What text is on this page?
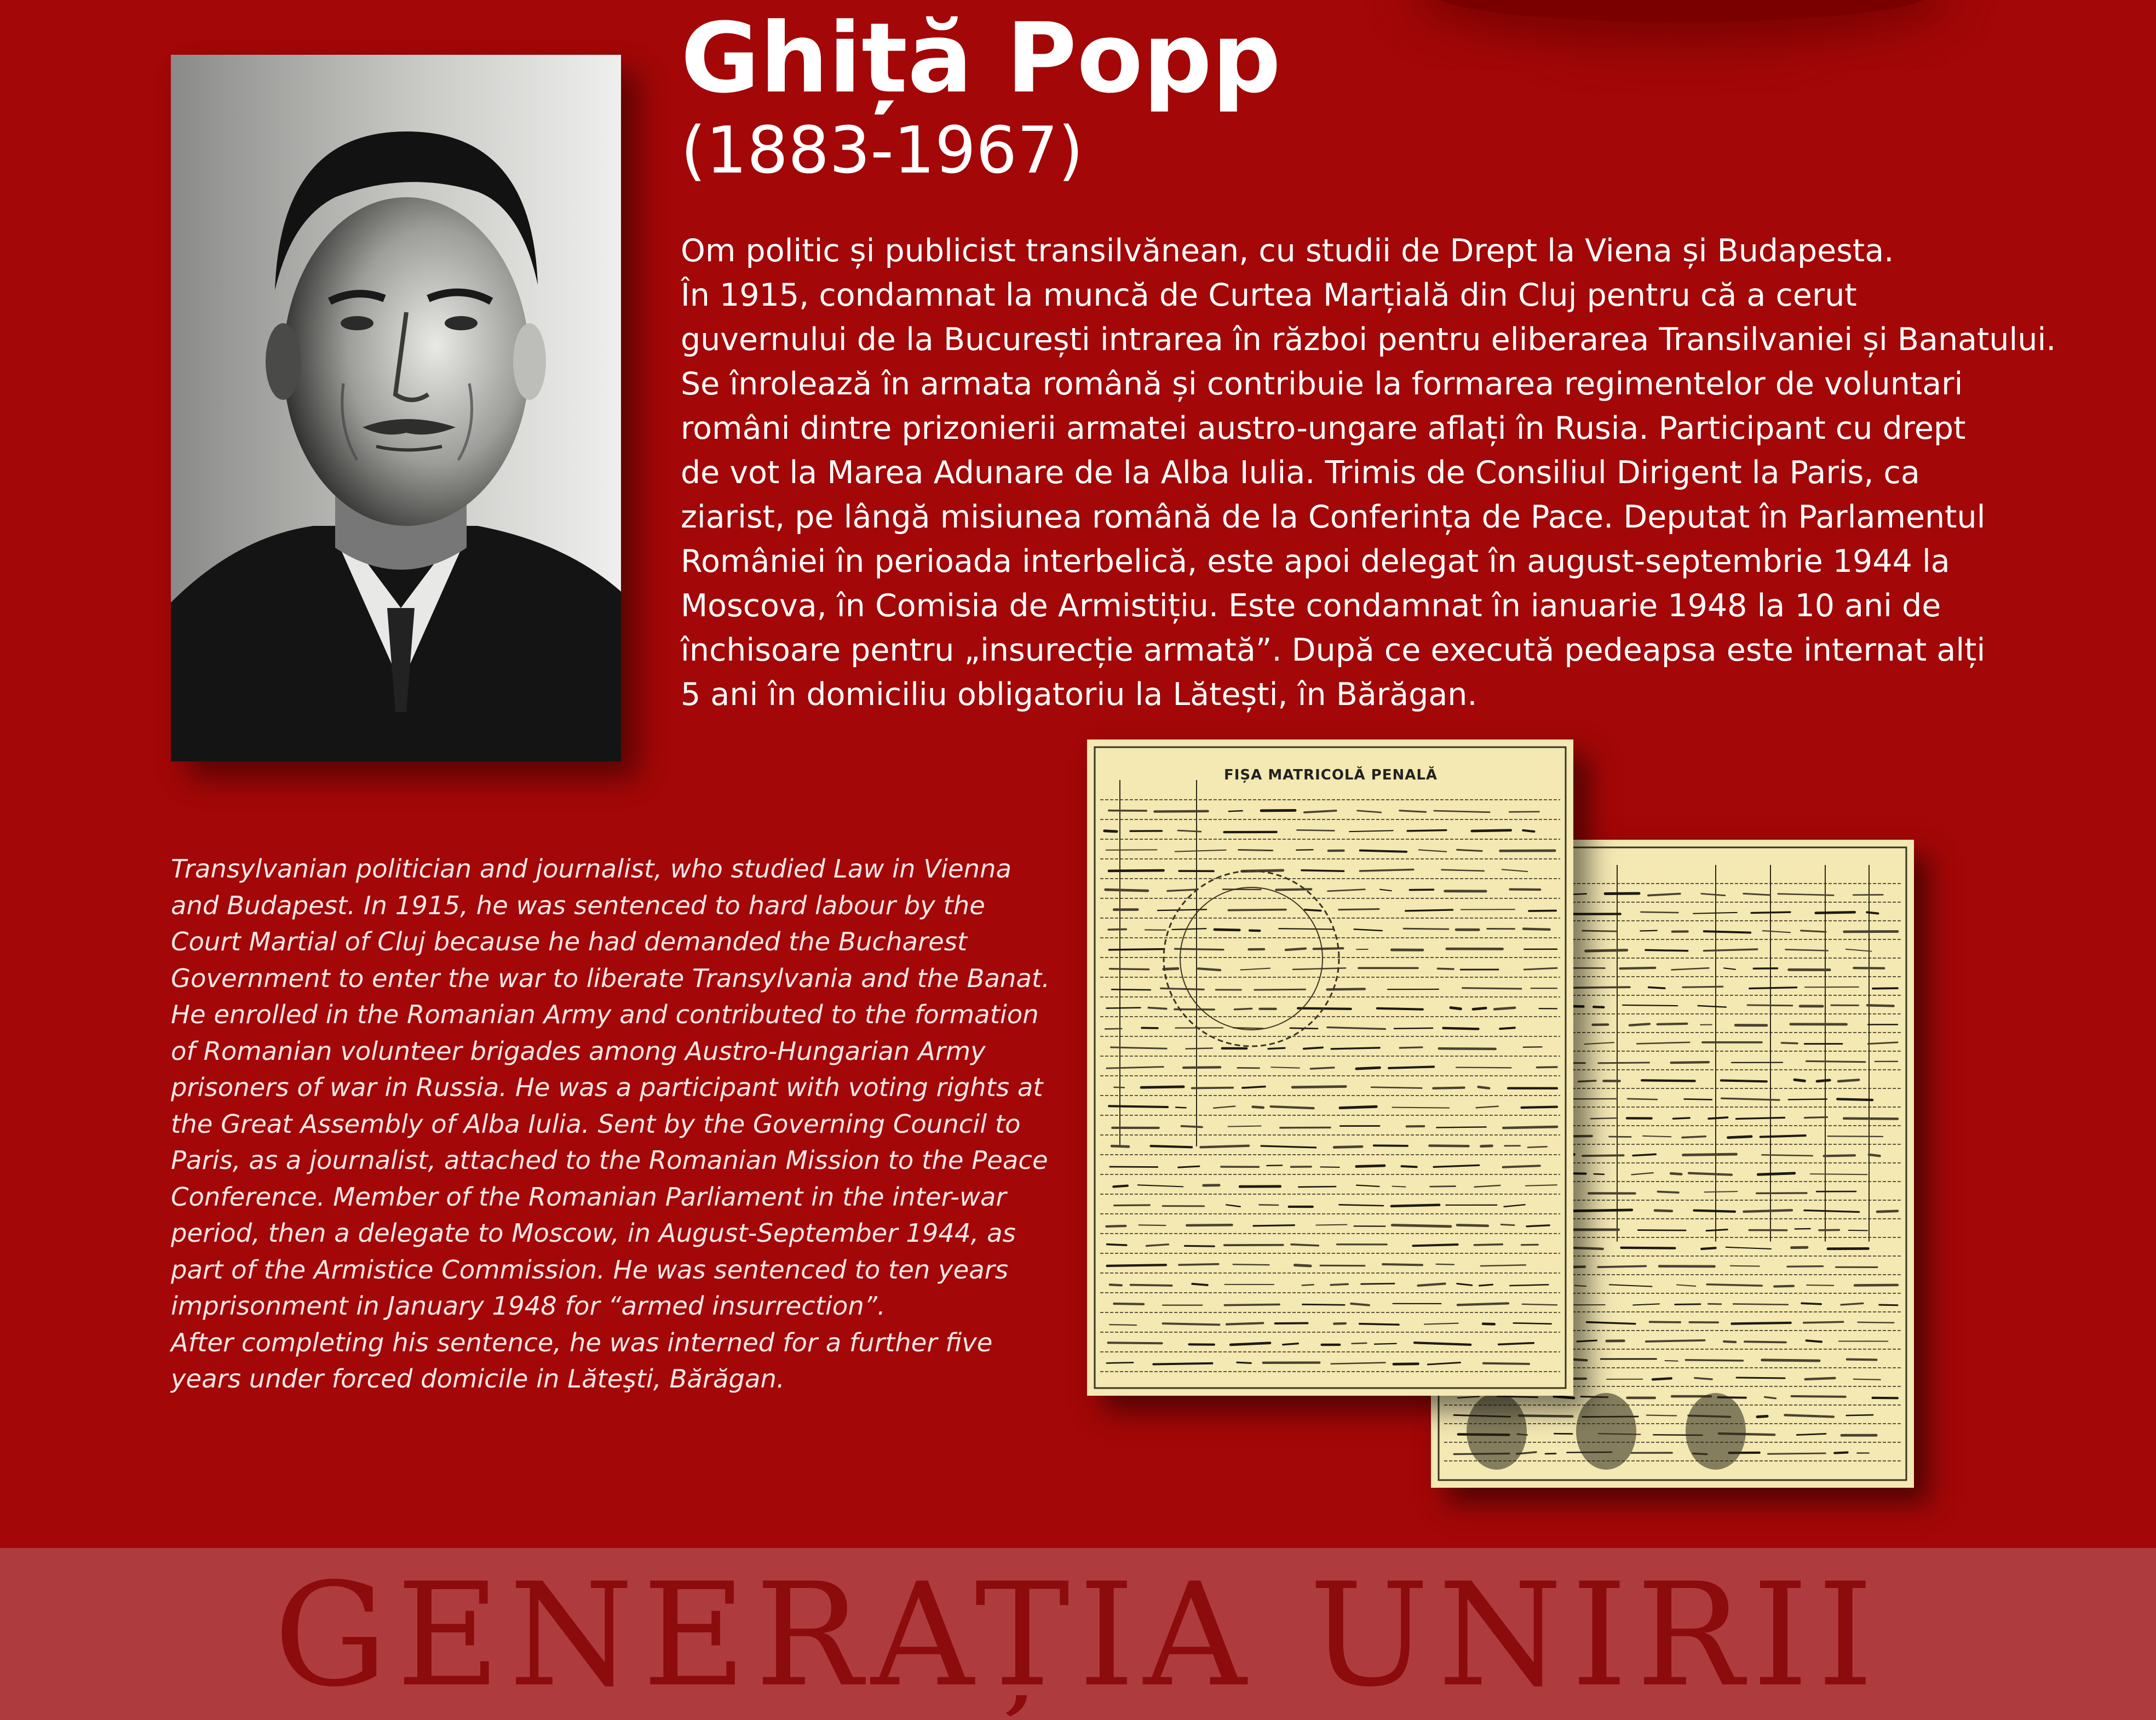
Ghiță Popp
(1883-1967)
Om politic și publicist transilvănean, cu studii de Drept la Viena și Budapesta.
În 1915, condamnat la muncă de Curtea Marțială din Cluj pentru că a cerut
guvernului de la București intrarea în război pentru eliberarea Transilvaniei și Banatului.
Se înrolează în armata română și contribuie la formarea regimentelor de voluntari
români dintre prizonierii armatei austro-ungare aflați în Rusia. Participant cu drept
de vot la Marea Adunare de la Alba Iulia. Trimis de Consiliul Dirigent la Paris, ca
ziarist, pe lângă misiunea română de la Conferința de Pace. Deputat în Parlamentul
României în perioada interbelică, este apoi delegat în august-septembrie 1944 la
Moscova, în Comisia de Armistițiu. Este condamnat în ianuarie 1948 la 10 ani de
închisoare pentru „insurecție armată”. După ce execută pedeapsa este internat alți
5 ani în domiciliu obligatoriu la Lătești, în Bărăgan.
Transylvanian politician and journalist, who studied Law in Vienna
and Budapest. In 1915, he was sentenced to hard labour by the
Court Martial of Cluj because he had demanded the Bucharest
Government to enter the war to liberate Transylvania and the Banat.
He enrolled in the Romanian Army and contributed to the formation
of Romanian volunteer brigades among Austro-Hungarian Army
prisoners of war in Russia. He was a participant with voting rights at
the Great Assembly of Alba Iulia. Sent by the Governing Council to
Paris, as a journalist, attached to the Romanian Mission to the Peace
Conference. Member of the Romanian Parliament in the inter-war
period, then a delegate to Moscow, in August-September 1944, as
part of the Armistice Commission. He was sentenced to ten years
imprisonment in January 1948 for “armed insurrection”.
After completing his sentence, he was interned for a further five
years under forced domicile in Lăteşti, Bărăgan.
FIȘA MATRICOLĂ PENALĂ
GENERAȚIA UNIRII
